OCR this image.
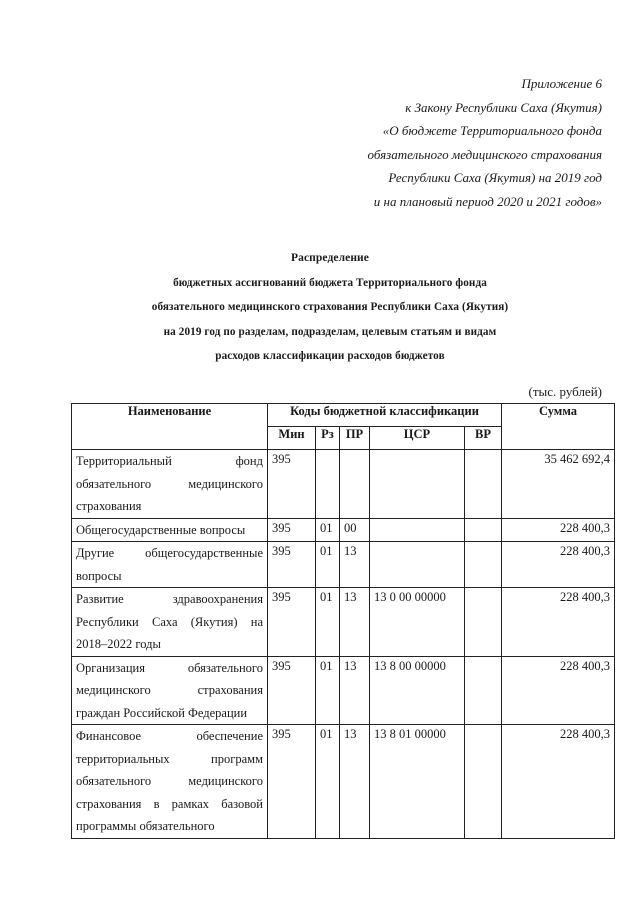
Приложение 6
к Закону Республики Саха (Якутия)
«О бюджете Территориального фонда
обязательного медицинского страхования
Республики Саха (Якутия) на 2019 год
и на плановый период 2020 и 2021 годов»
Распределение
бюджетных ассигнований бюджета Территориального фонда
обязательного медицинского страхования Республики Саха (Якутия)
на 2019 год по разделам, подразделам, целевым статьям и видам
расходов классификации расходов бюджетов
(тыс. рублей)
Наименование	Коды бюджетной классификации					Сумма
	Мин	Рз	ПР	ЦСР	ВР	
Территориальный фонд обязательного медицинского страхования	395					35 462 692,4
Общегосударственные вопросы	395	01	00			228 400,3
Другие общегосударственные вопросы	395	01	13			228 400,3
Развитие здравоохранения Республики Саха (Якутия) на 2018–2022 годы	395	01	13	13 0 00 00000		228 400,3
Организация обязательного медицинского страхования граждан Российской Федерации	395	01	13	13 8 00 00000		228 400,3
Финансовое обеспечение территориальных программ обязательного медицинского страхования в рамках базовой программы обязательного	395	01	13	13 8 01 00000		228 400,3
